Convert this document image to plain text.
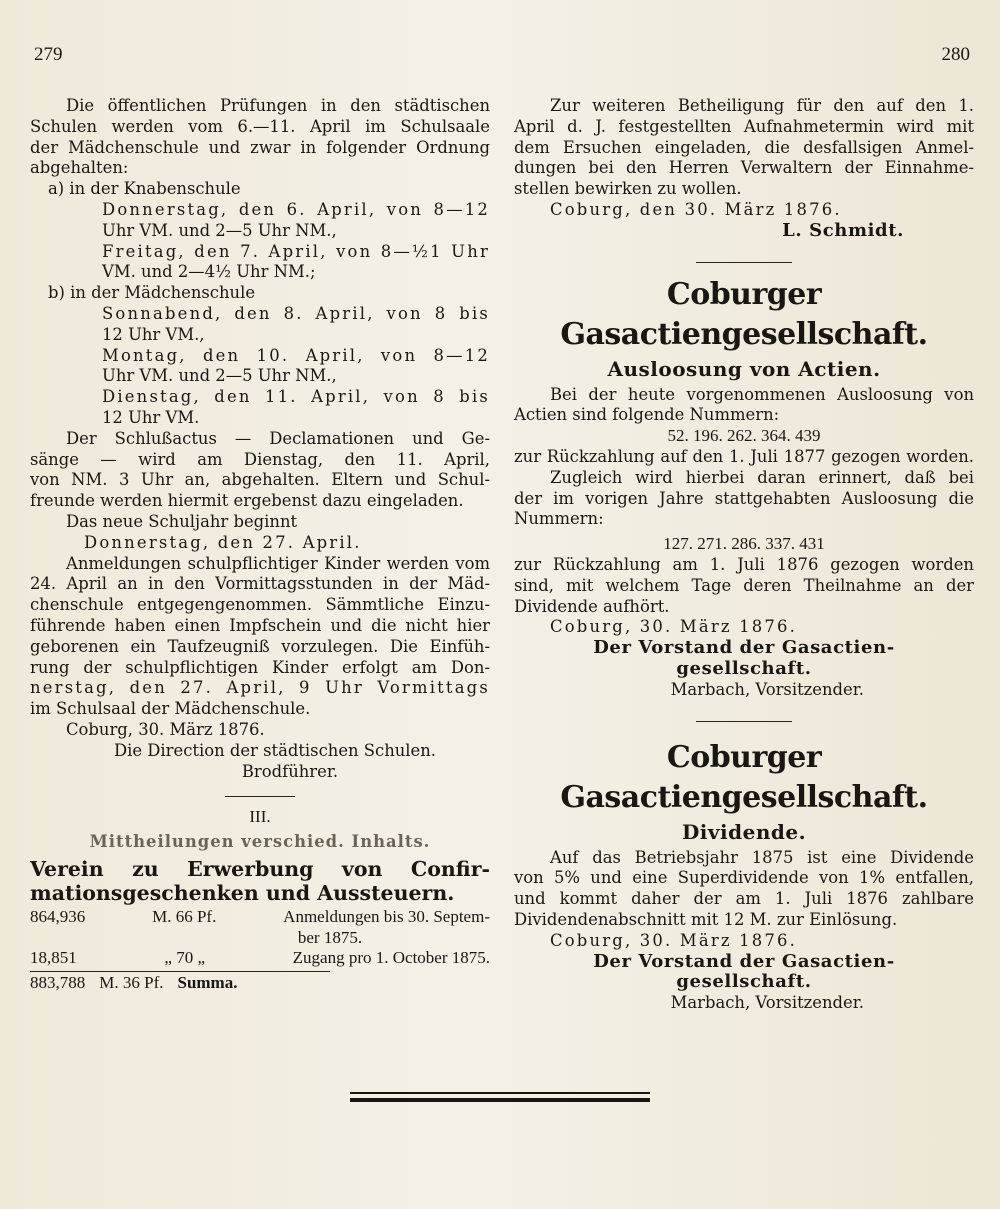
279	280

Die öffentlichen Prüfungen in den städtischen

Schulen werden vom 6.—11. April im Schulsaale

der Mädchenschule und zwar in folgender Ordnung

abgehalten:

a) in der Knabenschule

Donnerstag, den 6. April, von 8—12

Uhr VM. und 2—5 Uhr NM.,

Freitag, den 7. April, von 8—½1 Uhr

VM. und 2—4½ Uhr NM.;

b) in der Mädchenschule

Sonnabend, den 8. April, von 8 bis

12 Uhr VM.,

Montag, den 10. April, von 8—12

Uhr VM. und 2—5 Uhr NM.,

Dienstag, den 11. April, von 8 bis

12 Uhr VM.

Der Schlußactus — Declamationen und Ge-

sänge — wird am Dienstag, den 11. April,

von NM. 3 Uhr an, abgehalten. Eltern und Schul-

freunde werden hiermit ergebenst dazu eingeladen.

Das neue Schuljahr beginnt

Donnerstag, den 27. April.

Anmeldungen schulpflichtiger Kinder werden vom

24. April an in den Vormittagsstunden in der Mäd-

chenschule entgegengenommen. Sämmtliche Einzu-

führende haben einen Impfschein und die nicht hier

geborenen ein Taufzeugniß vorzulegen. Die Einfüh-

rung der schulpflichtigen Kinder erfolgt am Don-

nerstag, den 27. April, 9 Uhr Vormittags

im Schulsaal der Mädchenschule.

Coburg, 30. März 1876.

Die Direction der städtischen Schulen.

Brodführer.

III.

Mittheilungen verschied. Inhalts.

Verein zu Erwerbung von Confir-

mationsgeschenken und Aussteuern.

864,936	M. 66 Pf.	Anmeldungen bis 30. Septem-
ber 1875.
18,851	„ 70 „	Zugang pro 1. October 1875.
883,788 M. 36 Pf. Summa.

Zur weiteren Betheiligung für den auf den 1.

April d. J. festgestellten Aufnahmetermin wird mit

dem Ersuchen eingeladen, die desfallsigen Anmel-

dungen bei den Herren Verwaltern der Einnahme-

stellen bewirken zu wollen.

Coburg, den 30. März 1876.

L. Schmidt.

Coburger Gasactiengesellschaft.

Ausloosung von Actien.

Bei der heute vorgenommenen Ausloosung von

Actien sind folgende Nummern:

52. 196. 262. 364. 439

zur Rückzahlung auf den 1. Juli 1877 gezogen worden.

Zugleich wird hierbei daran erinnert, daß bei

der im vorigen Jahre stattgehabten Ausloosung die

Nummern:

127. 271. 286. 337. 431

zur Rückzahlung am 1. Juli 1876 gezogen worden

sind, mit welchem Tage deren Theilnahme an der

Dividende aufhört.

Coburg, 30. März 1876.

Der Vorstand der Gasactien-

gesellschaft.

Marbach, Vorsitzender.

Coburger Gasactiengesellschaft.

Dividende.

Auf das Betriebsjahr 1875 ist eine Dividende

von 5% und eine Superdividende von 1% entfallen,

und kommt daher der am 1. Juli 1876 zahlbare

Dividendenabschnitt mit 12 M. zur Einlösung.

Coburg, 30. März 1876.

Der Vorstand der Gasactien-

gesellschaft.

Marbach, Vorsitzender.
